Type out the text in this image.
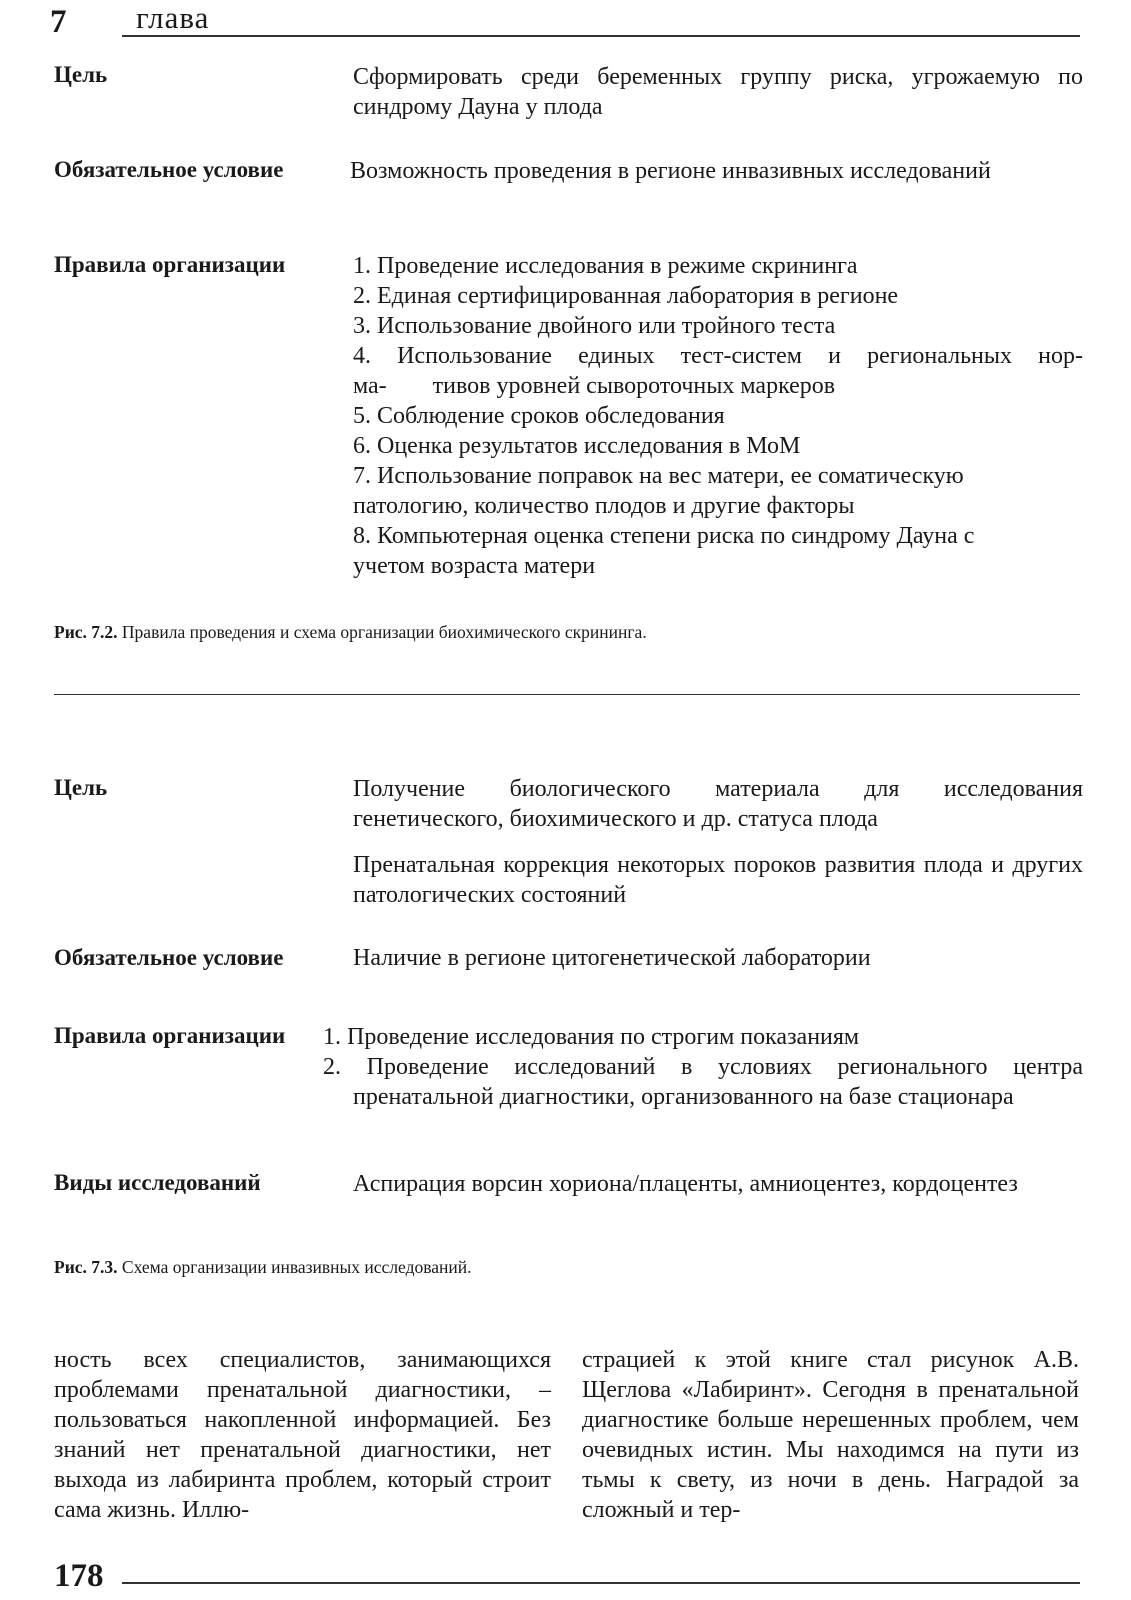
7 глава
Цель	Сформировать среди беременных группу риска, угрожаемую по синдрому Дауна у плода
Обязательное условие	Возможность проведения в регионе инвазивных исследований
Правила организации	1. Проведение исследования в режиме скрининга
2. Единая сертифицированная лаборатория в регионе
3. Использование двойного или тройного теста
4. Использование единых тест-систем и региональных нор-
ма- тивов уровней сывороточных маркеров
5. Соблюдение сроков обследования
6. Оценка результатов исследования в МоМ
7. Использование поправок на вес матери, ее соматическую
патологию, количество плодов и другие факторы
8. Компьютерная оценка степени риска по синдрому Дауна с
учетом возраста матери
Рис. 7.2. Правила проведения и схема организации биохимического скрининга.
Цель	Получение биологического материала для исследования генетического, биохимического и др. статуса плода

Пренатальная коррекция некоторых пороков развития плода и других патологических состояний

Обязательное условие	Наличие в регионе цитогенетической лаборатории
Правила организации 1. Проведение исследования по строгим показаниям
2. Проведение исследований в условиях регионального центра пренатальной диагностики, организованного на базе стационара
Виды исследований	Аспирация ворсин хориона/плаценты, амниоцентез, кордоцентез
Рис. 7.3. Схема организации инвазивных исследований.
ность всех специалистов, занимающихся проблемами пренатальной диагностики, – пользоваться накопленной информацией. Без знаний нет пренатальной диагностики, нет выхода из лабиринта проблем, который строит сама жизнь. Иллю-
страцией к этой книге стал рисунок А.В. Щеглова «Лабиринт». Сегодня в пренатальной диагностике больше нерешенных проблем, чем очевидных истин. Мы находимся на пути из тьмы к свету, из ночи в день. Наградой за сложный и тер-
178
